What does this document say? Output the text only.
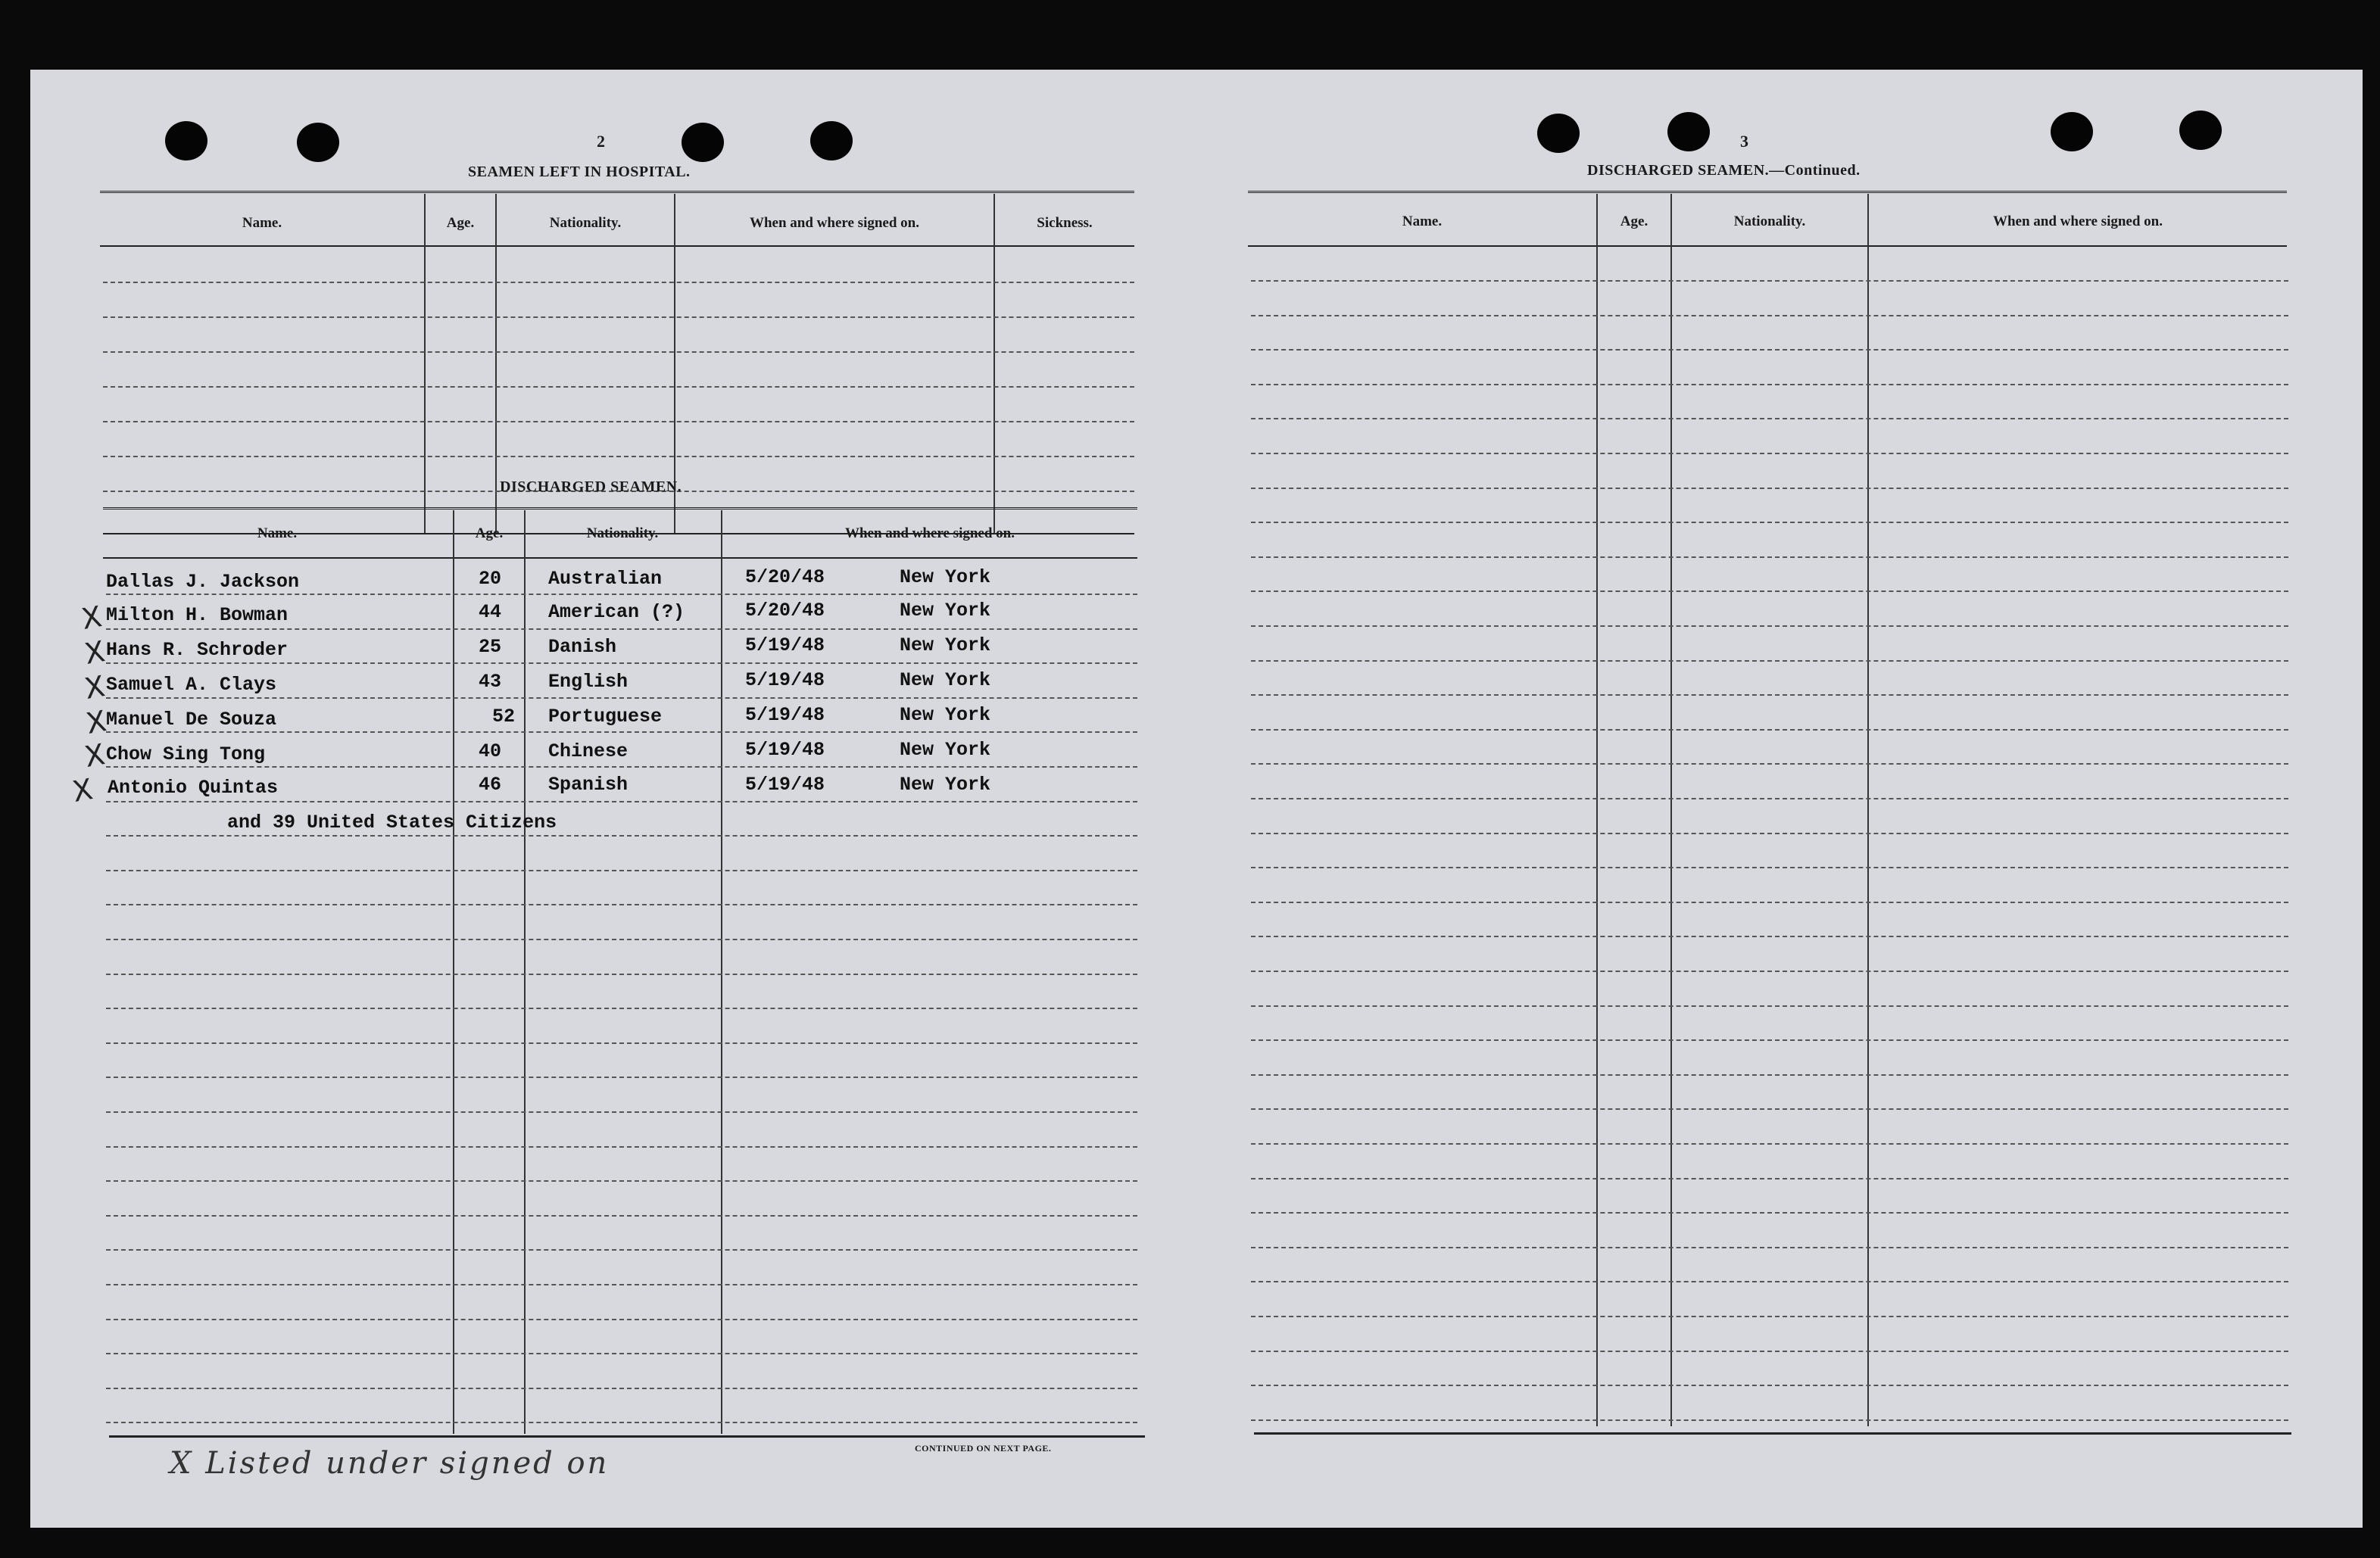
2
SEAMEN LEFT IN HOSPITAL.
Name.	Age.	Nationality.	When and where signed on.	Sickness.
DISCHARGED SEAMEN.
Name.	Age.	Nationality.	When and where signed on.
Dallas J. Jackson	20 Australian	5/20/48	New York
X Milton H. Bowman	44 American (?)	5/20/48	New York
X
Hans R. Schroder	25 Danish	5/19/48	New York
X
Samuel A. Clays	43 English	5/19/48	New York
X
Manuel De Souza	52 Portuguese	5/19/48	New York
X
Chow Sing Tong	40 Chinese	5/19/48	New York
X Antonio Quintas	46 Spanish	5/19/48	New York
and 39 United States Citizens
CONTINUED ON NEXT PAGE.
X Listed under signed on
3
DISCHARGED SEAMEN.—Continued.
Name.	Age.	Nationality.	When and where signed on.
